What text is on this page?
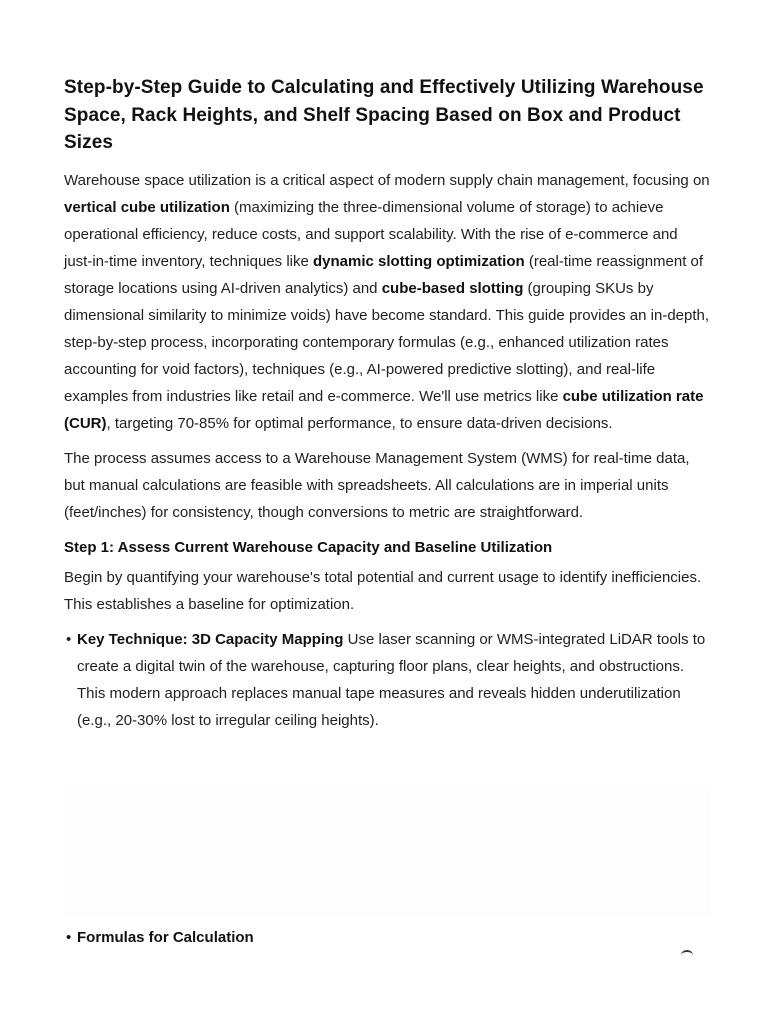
Step-by-Step Guide to Calculating and Effectively Utilizing Warehouse Space, Rack Heights, and Shelf Spacing Based on Box and Product Sizes

Warehouse space utilization is a critical aspect of modern supply chain management, focusing on vertical cube utilization (maximizing the three-dimensional volume of storage) to achieve operational efficiency, reduce costs, and support scalability. With the rise of e-commerce and just-in-time inventory, techniques like dynamic slotting optimization (real-time reassignment of storage locations using AI-driven analytics) and cube-based slotting (grouping SKUs by dimensional similarity to minimize voids) have become standard. This guide provides an in-depth, step-by-step process, incorporating contemporary formulas (e.g., enhanced utilization rates accounting for void factors), techniques (e.g., AI-powered predictive slotting), and real-life examples from industries like retail and e-commerce. We'll use metrics like cube utilization rate (CUR), targeting 70-85% for optimal performance, to ensure data-driven decisions.

The process assumes access to a Warehouse Management System (WMS) for real-time data, but manual calculations are feasible with spreadsheets. All calculations are in imperial units (feet/inches) for consistency, though conversions to metric are straightforward.

Step 1: Assess Current Warehouse Capacity and Baseline Utilization

Begin by quantifying your warehouse's total potential and current usage to identify inefficiencies. This establishes a baseline for optimization.

• Key Technique: 3D Capacity Mapping Use laser scanning or WMS-integrated LiDAR tools to create a digital twin of the warehouse, capturing floor plans, clear heights, and obstructions. This modern approach replaces manual tape measures and reveals hidden underutilization (e.g., 20-30% lost to irregular ceiling heights).
• Formulas for Calculation
